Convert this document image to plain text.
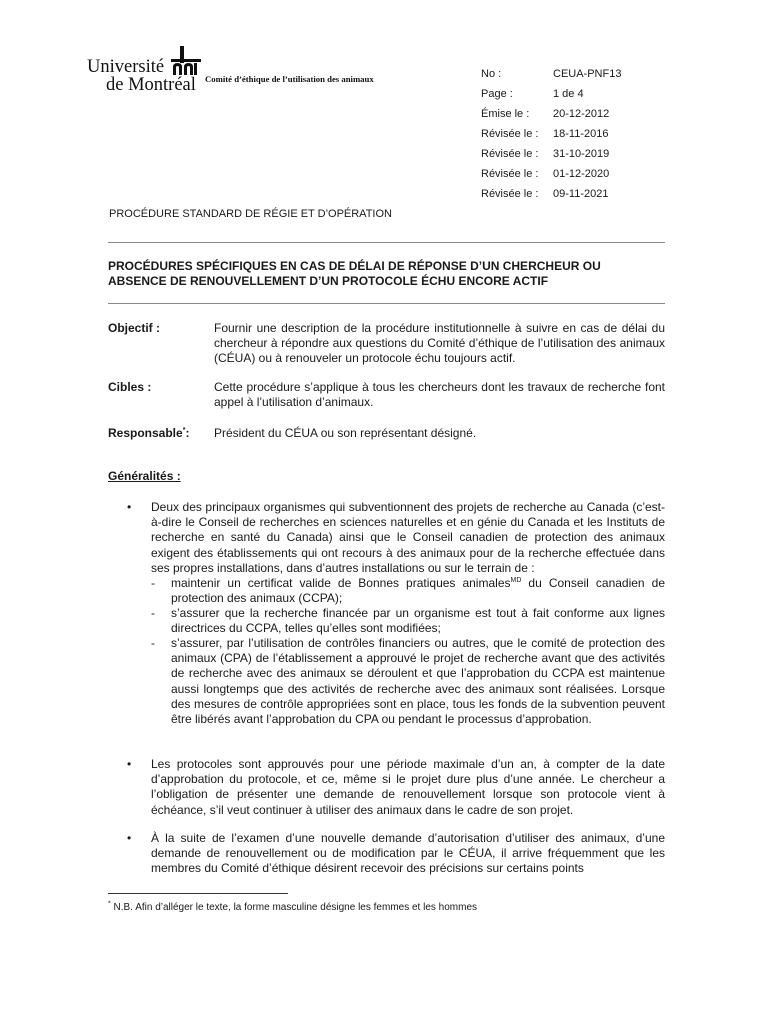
Université
de Montréal Comité d’éthique de l’utilisation des animaux	No :	CEUA-PNF13
Page :	1 de 4
Émise le :	20-12-2012
Révisée le :	18-11-2016
Révisée le :	31-10-2019
Révisée le :	01-12-2020
Révisée le :	09-11-2021
PROCÉDURE STANDARD DE RÉGIE ET D’OPÉRATION
PROCÉDURES SPÉCIFIQUES EN CAS DE DÉLAI DE RÉPONSE D’UN CHERCHEUR OU
ABSENCE DE RENOUVELLEMENT D’UN PROTOCOLE ÉCHU ENCORE ACTIF
Objectif :	Fournir une description de la procédure institutionnelle à suivre en cas de délai du chercheur à répondre aux questions du Comité d’éthique de l’utilisation des animaux (CÉUA) ou à renouveler un protocole échu toujours actif.
Cibles :	Cette procédure s’applique à tous les chercheurs dont les travaux de recherche font appel à l’utilisation d’animaux.
Responsable*: Président du CÉUA ou son représentant désigné.
Généralités :
• Deux des principaux organismes qui subventionnent des projets de recherche au Canada (c’est-à-dire le Conseil de recherches en sciences naturelles et en génie du Canada et les Instituts de recherche en santé du Canada) ainsi que le Conseil canadien de protection des animaux exigent des établissements qui ont recours à des animaux pour de la recherche effectuée dans ses propres installations, dans d’autres installations ou sur le terrain de :
- maintenir un certificat valide de Bonnes pratiques animales$^{MD}$ du Conseil canadien de protection des animaux (CCPA);
- s’assurer que la recherche financée par un organisme est tout à fait conforme aux lignes directrices du CCPA, telles qu’elles sont modifiées;
- s’assurer, par l’utilisation de contrôles financiers ou autres, que le comité de protection des animaux (CPA) de l’établissement a approuvé le projet de recherche avant que des activités de recherche avec des animaux se déroulent et que l’approbation du CCPA est maintenue aussi longtemps que des activités de recherche avec des animaux sont réalisées. Lorsque des mesures de contrôle appropriées sont en place, tous les fonds de la subvention peuvent être libérés avant l’approbation du CPA ou pendant le processus d’approbation.
• Les protocoles sont approuvés pour une période maximale d’un an, à compter de la date d’approbation du protocole, et ce, même si le projet dure plus d’une année. Le chercheur a l’obligation de présenter une demande de renouvellement lorsque son protocole vient à échéance, s’il veut continuer à utiliser des animaux dans le cadre de son projet.
• À la suite de l’examen d’une nouvelle demande d’autorisation d’utiliser des animaux, d’une demande de renouvellement ou de modification par le CÉUA, il arrive fréquemment que les membres du Comité d’éthique désirent recevoir des précisions sur certains points
* N.B. Afin d’alléger le texte, la forme masculine désigne les femmes et les hommes
